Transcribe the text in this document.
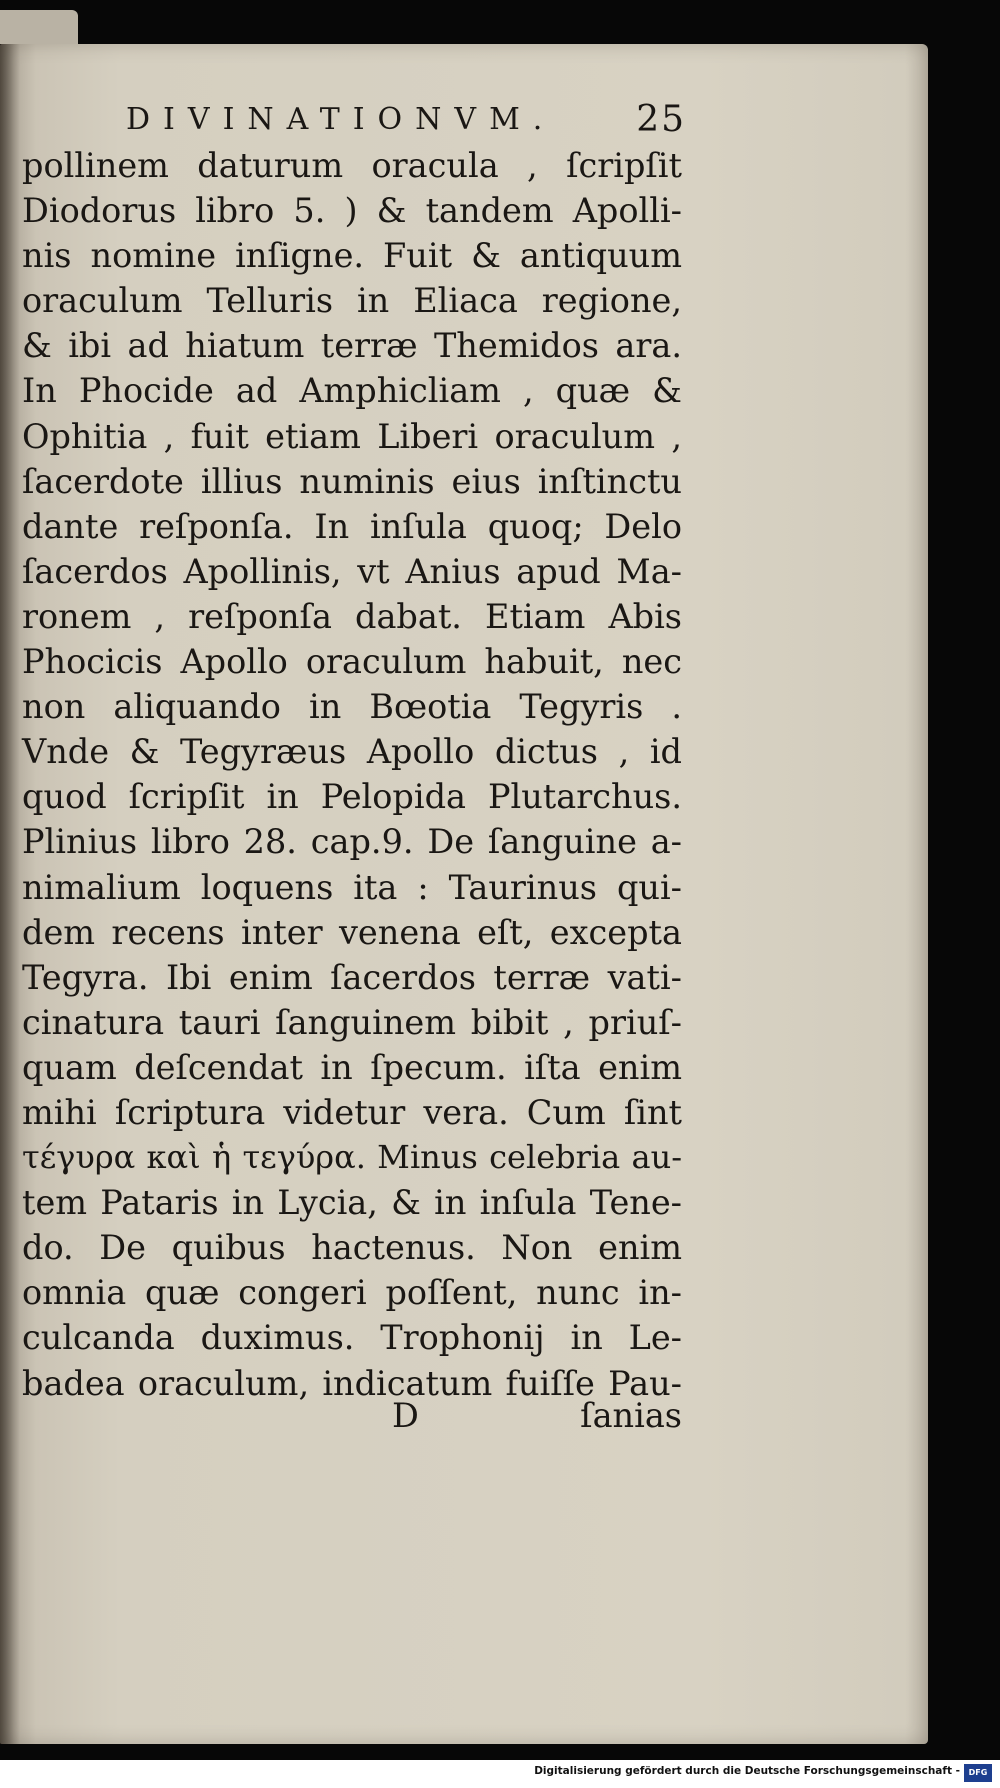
DIVINATIONVM. 25
pollinem daturum oracula , ſcripſit
Diodorus libro 5. ) & tandem Apolli-
nis nomine inſigne. Fuit & antiquum
oraculum Telluris in Eliaca regione,
& ibi ad hiatum terræ Themidos ara.
In Phocide ad Amphicliam , quæ &
Ophitia , fuit etiam Liberi oraculum ,
ſacerdote illius numinis eius inſtinctu
dante reſponſa. In inſula quoq; Delo
ſacerdos Apollinis, vt Anius apud Ma-
ronem , reſponſa dabat. Etiam Abis
Phocicis Apollo oraculum habuit, nec
non aliquando in Bœotia Tegyris .
Vnde & Tegyræus Apollo dictus , id
quod ſcripſit in Pelopida Plutarchus.
Plinius libro 28. cap.9. De ſanguine a-
nimalium loquens ita : Taurinus qui-
dem recens inter venena eſt, excepta
Tegyra. Ibi enim ſacerdos terræ vati-
cinatura tauri ſanguinem bibit , priuſ-
quam deſcendat in ſpecum. iſta enim
mihi ſcriptura videtur vera. Cum ſint
τέγυρα καὶ ἡ τεγύρα. Minus celebria au-
tem Pataris in Lycia, & in inſula Tene-
do. De quibus hactenus. Non enim
omnia quæ congeri poſſent, nunc in-
culcanda duximus. Trophonij in Le-
badea oraculum, indicatum fuiſſe Pau-
D	ſanias
Digitalisierung gefördert durch die Deutsche Forschungsgemeinschaft -	DFG
